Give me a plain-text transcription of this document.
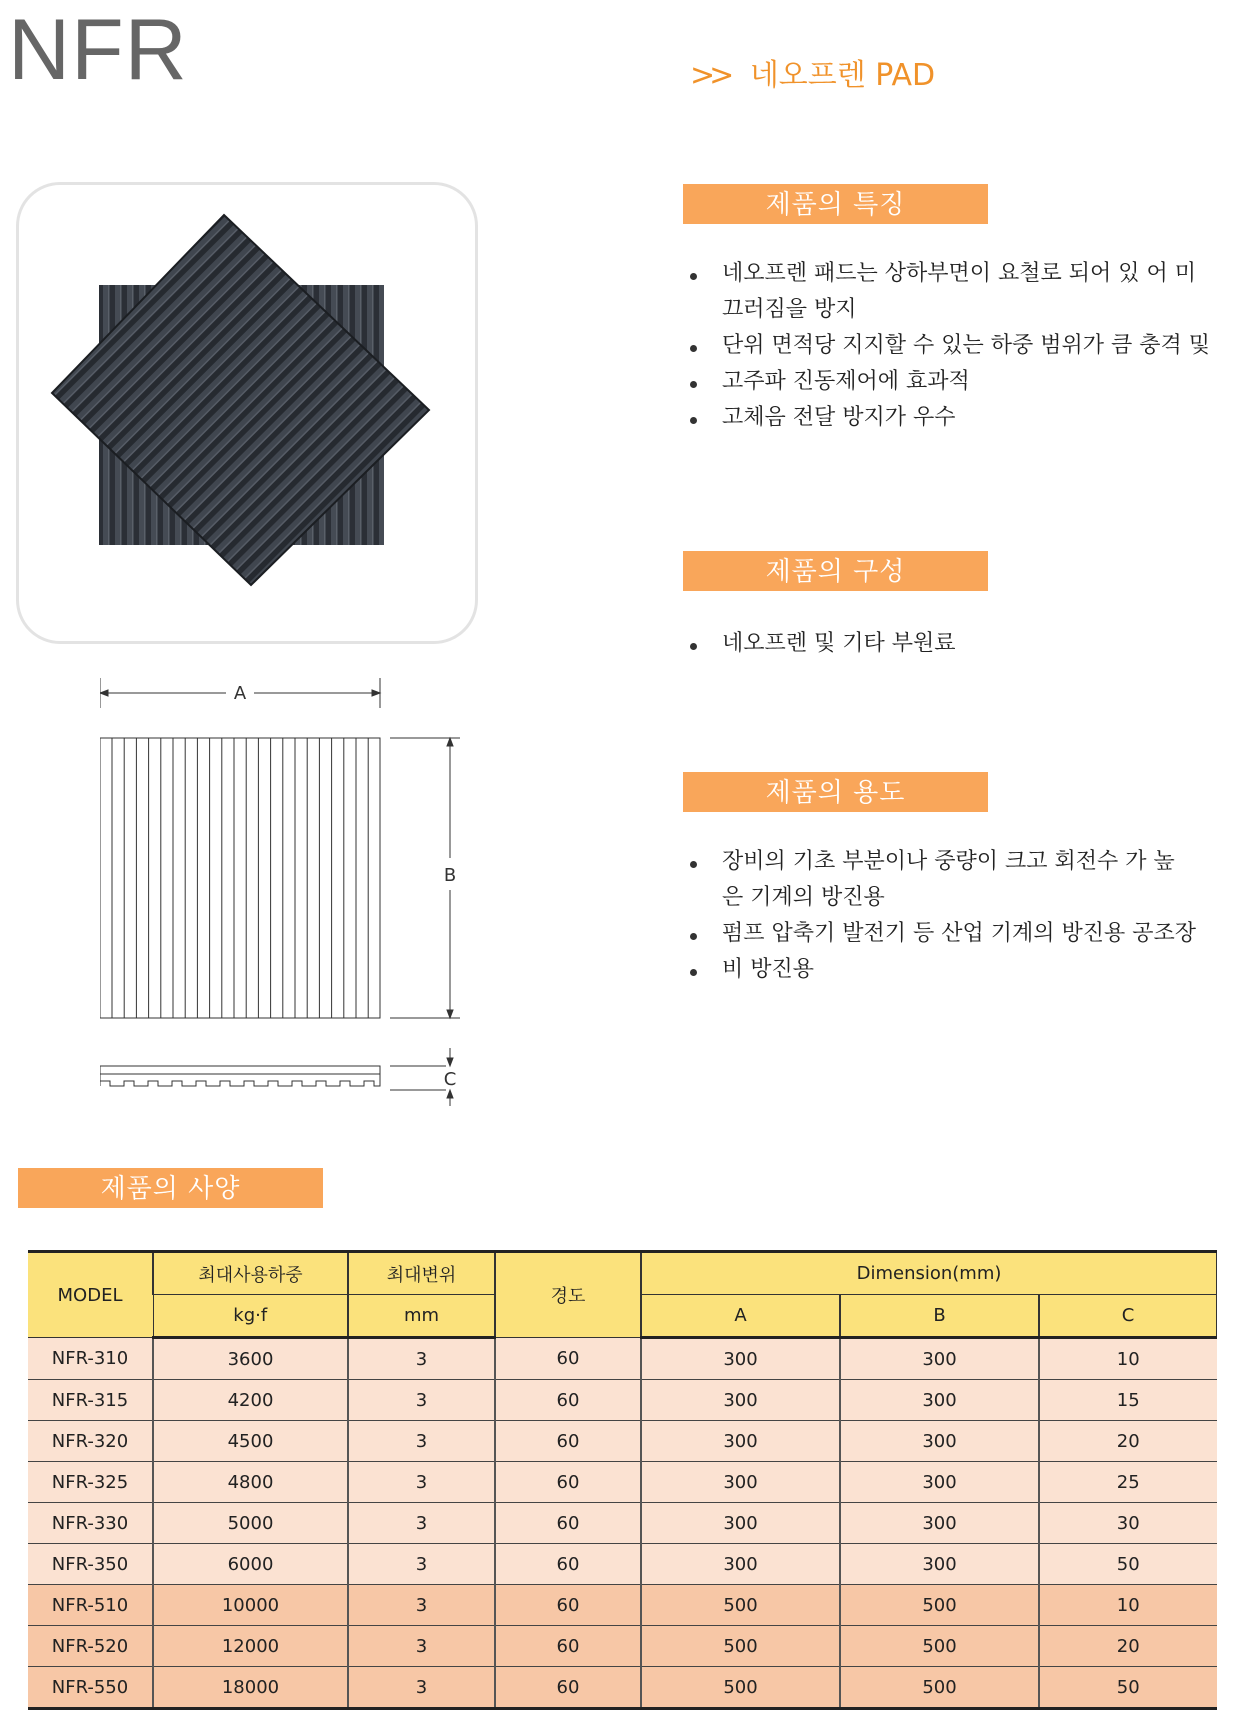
NFR	>> 네오프렌 PAD
A
B
C
제품의 특징
네오프렌 패드는 상하부면이 요철로 되어 있 어 미
끄러짐을 방지
단위 면적당 지지할 수 있는 하중 범위가 큼 충격 및
고주파 진동제어에 효과적
고체음 전달 방지가 우수
제품의 구성
네오프렌 및 기타 부원료
제품의 용도
장비의 기초 부분이나 중량이 크고 회전수 가 높
은 기계의 방진용
펌프 압축기 발전기 등 산업 기계의 방진용 공조장
비 방진용
제품의 사양
MODEL	최대사용하중	최대변위	경도	Dimension(mm)		
	kg·f	mm		A	B	C
NFR-310	3600	3	60	300	300	10
NFR-315	4200	3	60	300	300	15
NFR-320	4500	3	60	300	300	20
NFR-325	4800	3	60	300	300	25
NFR-330	5000	3	60	300	300	30
NFR-350	6000	3	60	300	300	50
NFR-510	10000	3	60	500	500	10
NFR-520	12000	3	60	500	500	20
NFR-550	18000	3	60	500	500	50
